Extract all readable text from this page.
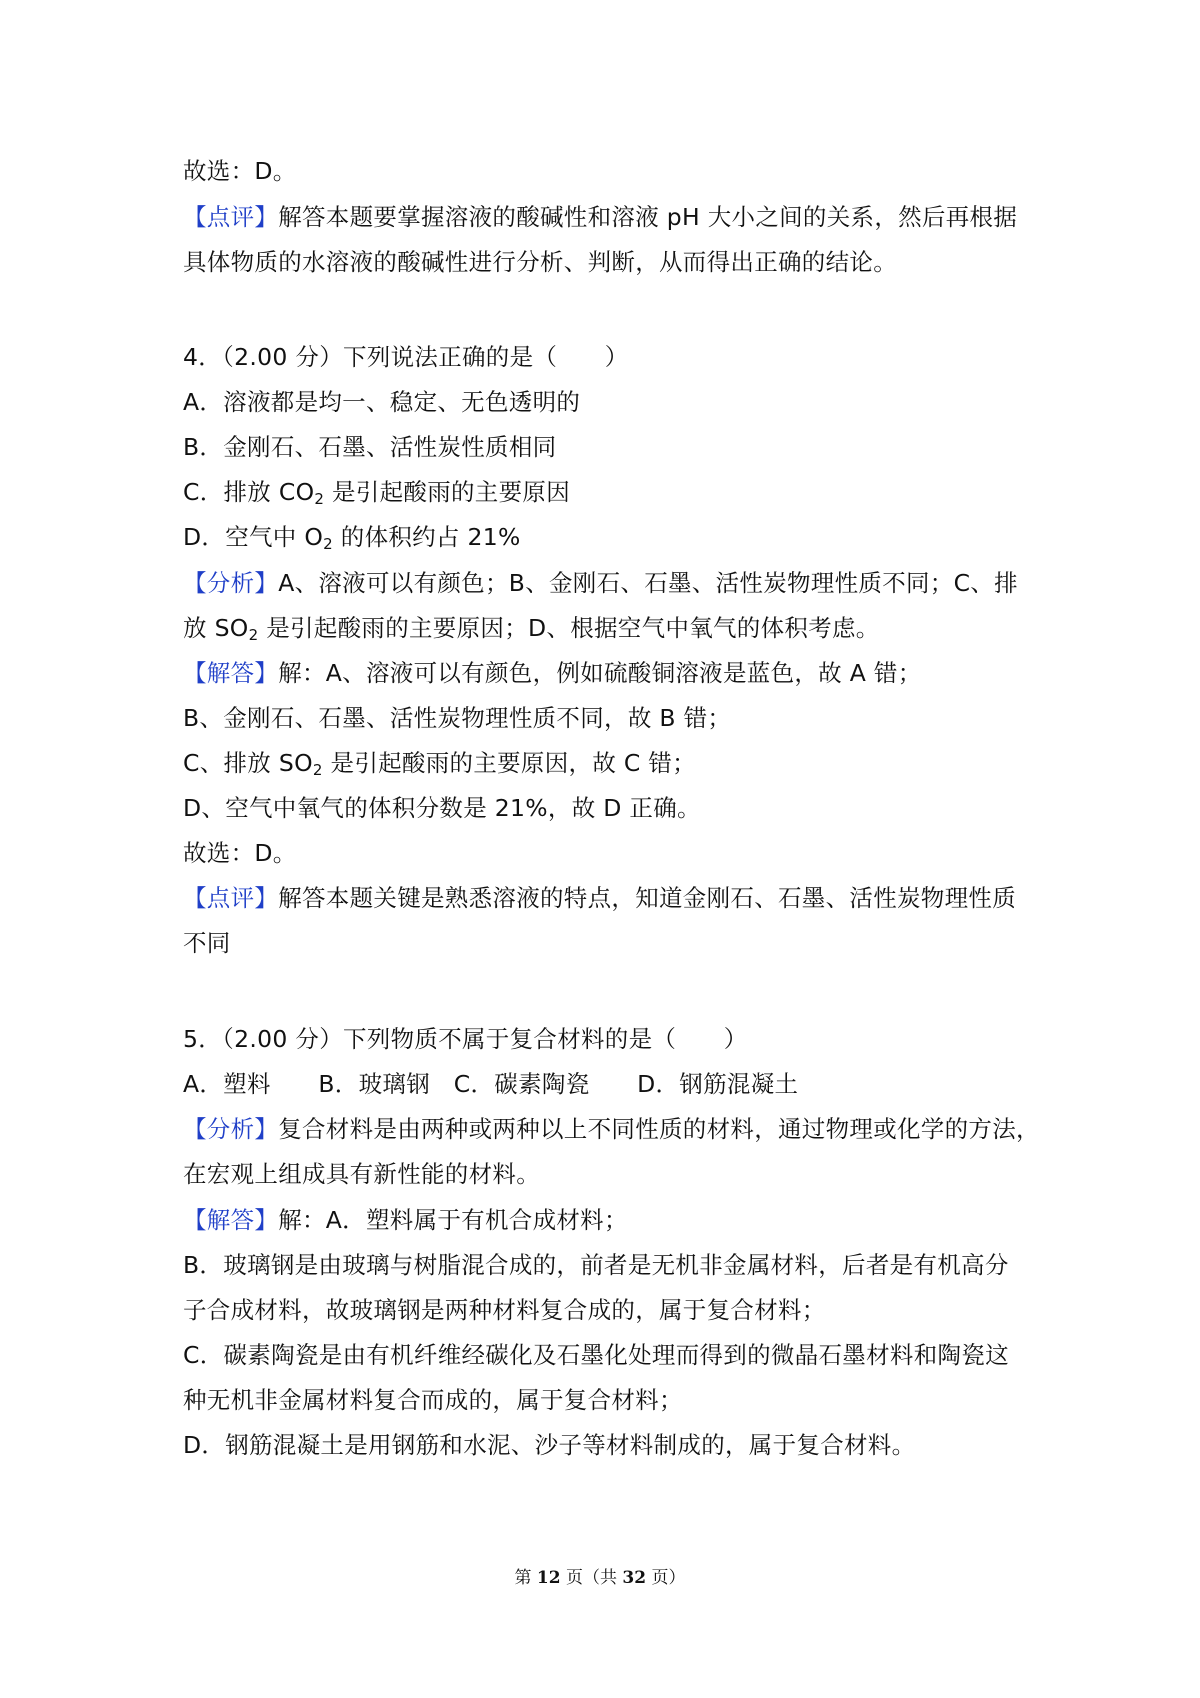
故选：D。
【点评】解答本题要掌握溶液的酸碱性和溶液 pH 大小之间的关系，然后再根据
具体物质的水溶液的酸碱性进行分析、判断，从而得出正确的结论。
4．（2.00 分）下列说法正确的是（　　）
A．溶液都是均一、稳定、无色透明的
B．金刚石、石墨、活性炭性质相同
C．排放 $CO_2$ 是引起酸雨的主要原因
D．空气中 $O_2$ 的体积约占 21%
【分析】A、溶液可以有颜色；B、金刚石、石墨、活性炭物理性质不同；C、排
放 $SO_2$ 是引起酸雨的主要原因；D、根据空气中氧气的体积考虑。
【解答】解：A、溶液可以有颜色，例如硫酸铜溶液是蓝色，故 A 错；
B、金刚石、石墨、活性炭物理性质不同，故 B 错；
C、排放 $SO_2$ 是引起酸雨的主要原因，故 C 错；
D、空气中氧气的体积分数是 21%，故 D 正确。
故选：D。
【点评】解答本题关键是熟悉溶液的特点，知道金刚石、石墨、活性炭物理性质
不同
5．（2.00 分）下列物质不属于复合材料的是（　　）
A．塑料　　B．玻璃钢　C．碳素陶瓷　　D．钢筋混凝土
【分析】复合材料是由两种或两种以上不同性质的材料，通过物理或化学的方法，
在宏观上组成具有新性能的材料。
【解答】解：A．塑料属于有机合成材料；
B．玻璃钢是由玻璃与树脂混合成的，前者是无机非金属材料，后者是有机高分
子合成材料，故玻璃钢是两种材料复合成的，属于复合材料；
C．碳素陶瓷是由有机纤维经碳化及石墨化处理而得到的微晶石墨材料和陶瓷这
种无机非金属材料复合而成的，属于复合材料；
D．钢筋混凝土是用钢筋和水泥、沙子等材料制成的，属于复合材料。
第 12 页（共 32 页）
